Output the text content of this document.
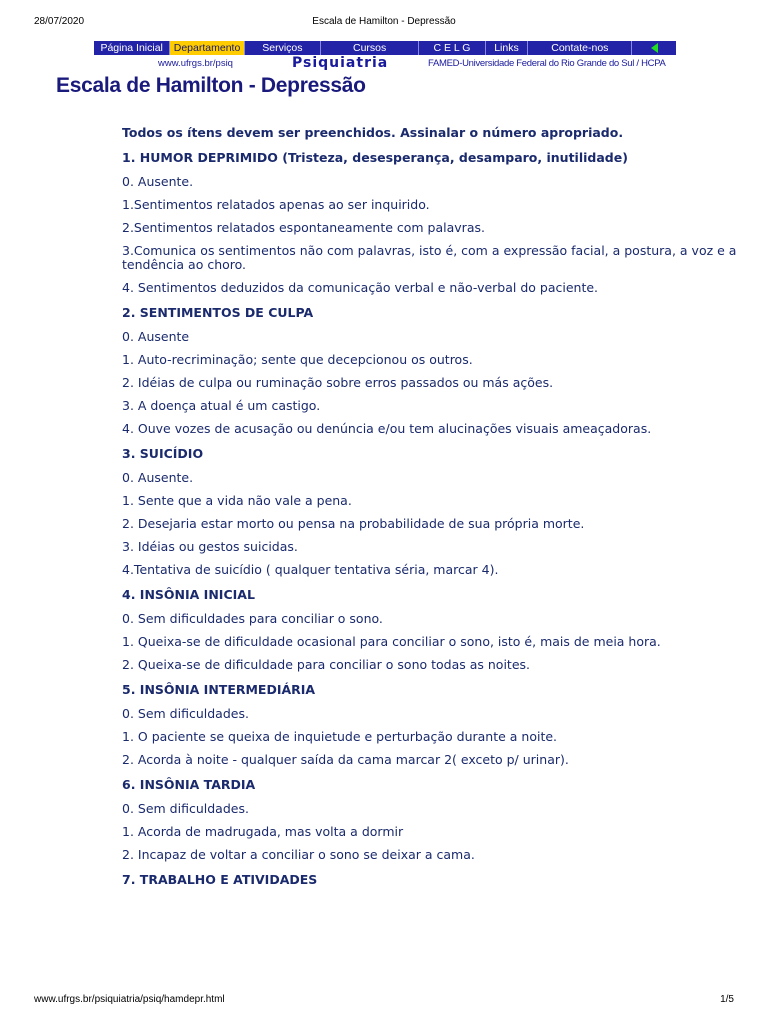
28/07/2020	Escala de Hamilton - Depressão
Página Inicial	Departamento	Serviços	Cursos	C E L G	Links	Contate-nos
www.ufrgs.br/psiq	Psiquiatria	FAMED-Universidade Federal do Rio Grande do Sul / HCPA
Escala de Hamilton - Depressão

Todos os ítens devem ser preenchidos. Assinalar o número apropriado.

1. HUMOR DEPRIMIDO (Tristeza, desesperança, desamparo, inutilidade)

0. Ausente.

1.Sentimentos relatados apenas ao ser inquirido.

2.Sentimentos relatados espontaneamente com palavras.

3.Comunica os sentimentos não com palavras, isto é, com a expressão facial, a postura, a voz e a tendência ao choro.

4. Sentimentos deduzidos da comunicação verbal e não-verbal do paciente.

2. SENTIMENTOS DE CULPA

0. Ausente

1. Auto-recriminação; sente que decepcionou os outros.

2. Idéias de culpa ou ruminação sobre erros passados ou más ações.

3. A doença atual é um castigo.

4. Ouve vozes de acusação ou denúncia e/ou tem alucinações visuais ameaçadoras.

3. SUICÍDIO

0. Ausente.

1. Sente que a vida não vale a pena.

2. Desejaria estar morto ou pensa na probabilidade de sua própria morte.

3. Idéias ou gestos suicidas.

4.Tentativa de suicídio ( qualquer tentativa séria, marcar 4).

4. INSÔNIA INICIAL

0. Sem dificuldades para conciliar o sono.

1. Queixa-se de dificuldade ocasional para conciliar o sono, isto é, mais de meia hora.

2. Queixa-se de dificuldade para conciliar o sono todas as noites.

5. INSÔNIA INTERMEDIÁRIA

0. Sem dificuldades.

1. O paciente se queixa de inquietude e perturbação durante a noite.

2. Acorda à noite - qualquer saída da cama marcar 2( exceto p/ urinar).

6. INSÔNIA TARDIA

0. Sem dificuldades.

1. Acorda de madrugada, mas volta a dormir

2. Incapaz de voltar a conciliar o sono se deixar a cama.

7. TRABALHO E ATIVIDADES

www.ufrgs.br/psiquiatria/psiq/hamdepr.html	1/5
